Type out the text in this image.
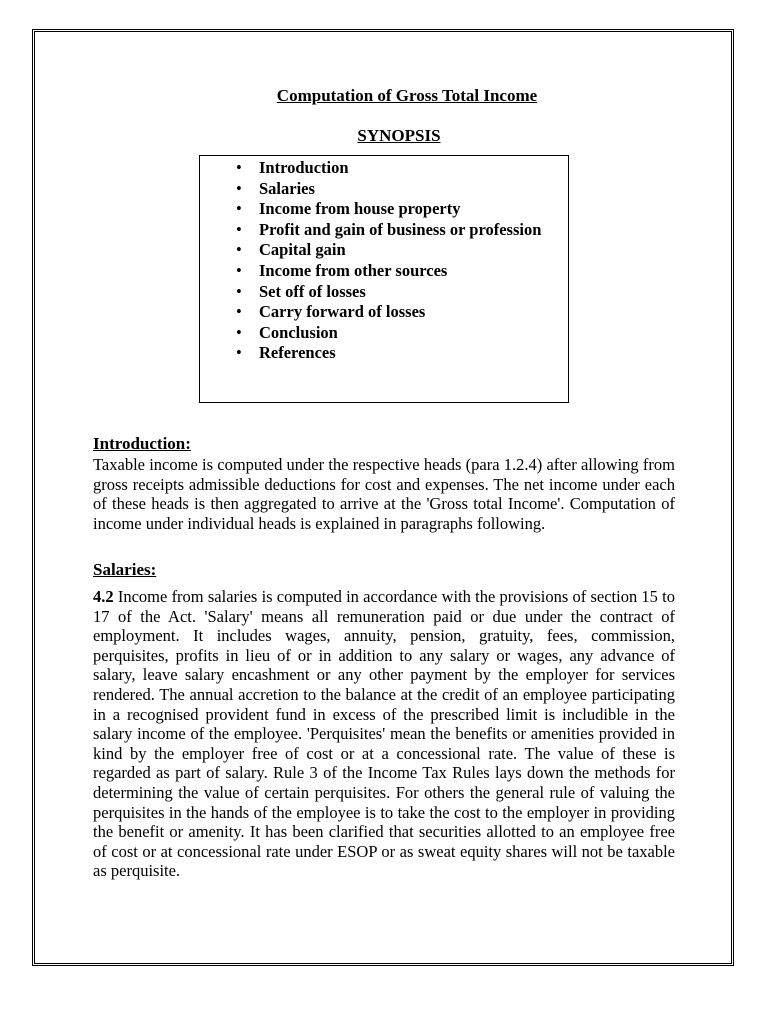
Computation of Gross Total Income
SYNOPSIS
• Introduction
• Salaries
• Income from house property
• Profit and gain of business or profession
• Capital gain
• Income from other sources
• Set off of losses
• Carry forward of losses
• Conclusion
• References
Introduction:

Taxable income is computed under the respective heads (para 1.2.4) after allowing from gross receipts admissible deductions for cost and expenses. The net income under each of these heads is then aggregated to arrive at the 'Gross total Income'. Computation of income under individual heads is explained in paragraphs following.

Salaries:

4.2 Income from salaries is computed in accordance with the provisions of section 15 to 17 of the Act. 'Salary' means all remuneration paid or due under the contract of employment. It includes wages, annuity, pension, gratuity, fees, commission, perquisites, profits in lieu of or in addition to any salary or wages, any advance of salary, leave salary encashment or any other payment by the employer for services rendered. The annual accretion to the balance at the credit of an employee participating in a recognised provident fund in excess of the prescribed limit is includible in the salary income of the employee. 'Perquisites' mean the benefits or amenities provided in kind by the employer free of cost or at a concessional rate. The value of these is regarded as part of salary. Rule 3 of the Income Tax Rules lays down the methods for determining the value of certain perquisites. For others the general rule of valuing the perquisites in the hands of the employee is to take the cost to the employer in providing the benefit or amenity. It has been clarified that securities allotted to an employee free of cost or at concessional rate under ESOP or as sweat equity shares will not be taxable as perquisite.
